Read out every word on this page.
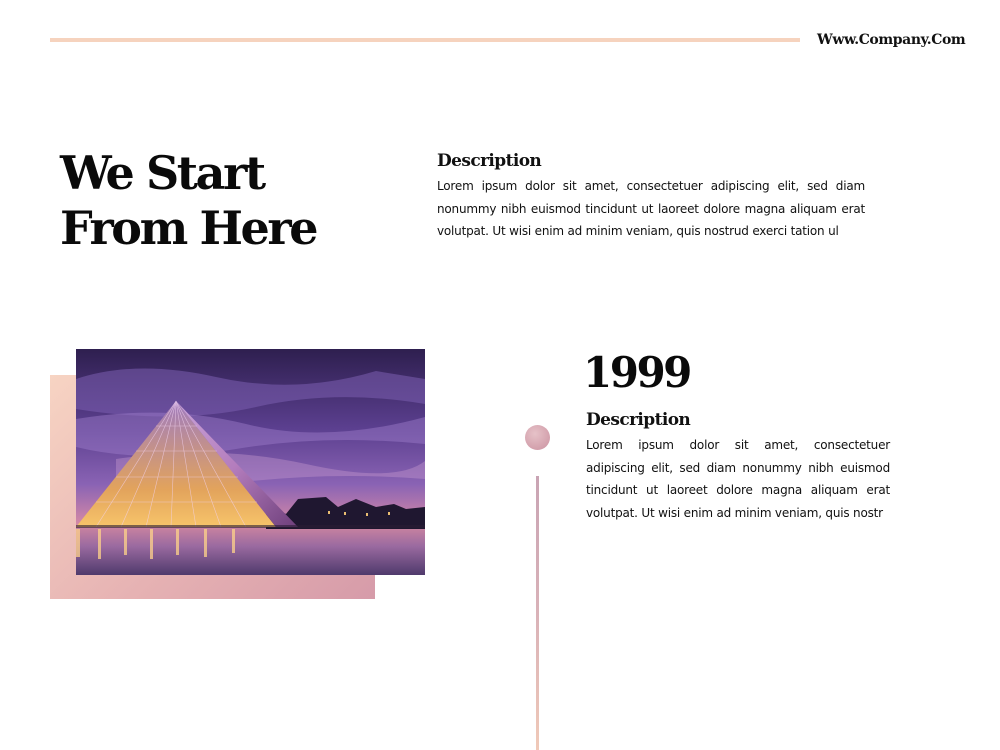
Www.Company.Com
We Start
From Here
Description

Lorem ipsum dolor sit amet, consectetuer adipiscing elit, sed diam nonummy nibh euismod tincidunt ut laoreet dolore magna aliquam erat volutpat. Ut wisi enim ad minim veniam, quis nostrud exerci tation ul

1999
Description

Lorem ipsum dolor sit amet, consectetuer adipiscing elit, sed diam nonummy nibh euismod tincidunt ut laoreet dolore magna aliquam erat volutpat. Ut wisi enim ad minim veniam, quis nostr
